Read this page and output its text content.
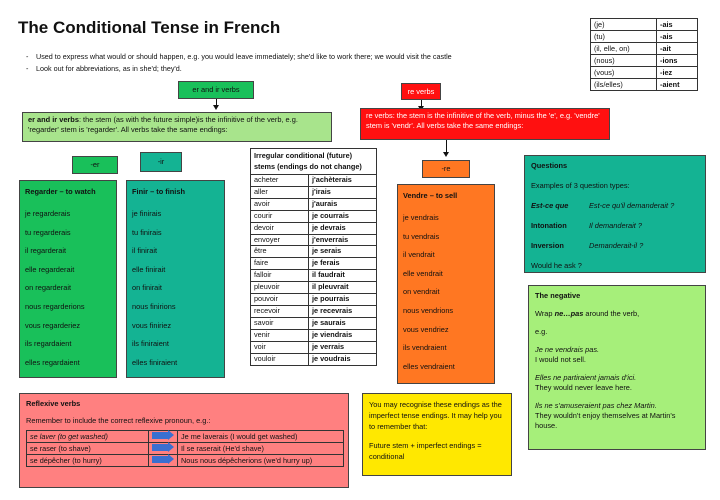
The Conditional Tense in French
- Used to express what would or should happen, e.g. you would leave immediately; she'd like to work there; we would visit the castle
- Look out for abbreviations, as in she'd; they'd.
(je)	-ais
(tu)	-ais
(il, elle, on)	-ait
(nous)	-ions
(vous)	-iez
(ils/elles)	-aient
er and ir verbs
er and ir verbs: the stem (as with the future simple)is the infinitive of the verb, e.g. 'regarder' stem is 'regarder'. All verbs take the same endings:
re verbs
re verbs: the stem is the infinitive of the verb, minus the 'e', e.g. 'vendre' stem is 'vendr'. All verbs take the same endings:
-er	-ir
-re
Regarder – to watch
je regarderais
tu regarderais
il regarderait
elle regarderait
on regarderait
nous regarderions
vous regarderiez
ils regardaient
elles regardaient
Finir – to finish
je finirais
tu finirais
il finirait
elle finirait
on finirait
nous finirions
vous finiriez
ils finiraient
elles finiraient
Irregular conditional (future) stems (endings do not change)
acheter	j'achèterais
aller	j'irais
avoir	j'aurais
courir	je courrais
devoir	je devrais
envoyer	j'enverrais
être	je serais
faire	je ferais
falloir	il faudrait
pleuvoir	il pleuvrait
pouvoir	je pourrais
recevoir	je recevrais
savoir	je saurais
venir	je viendrais
voir	je verrais
vouloir	je voudrais
Vendre – to sell
je vendrais
tu vendrais
il vendrait
elle vendrait
on vendrait
nous vendrions
vous vendriez
ils vendraient
elles vendraient
Questions
Examples of 3 question types:
Est-ce que	Est-ce qu'il demanderait ?
Intonation	Il demanderait ?
Inversion	Demanderait-il ?
Would he ask ?
The negative
Wrap ne…pas around the verb,
e.g.
Je ne vendrais pas.
I would not sell.
Elles ne partiraient jamais d'ici.
They would never leave here.
Ils ne s'amuseraient pas chez Martin.
They wouldn't enjoy themselves at Martin's house.
Reflexive verbs
Remember to include the correct reflexive pronoun, e.g.:
se laver (to get washed)		Je me laverais (I would get washed)
se raser (to shave)		Il se raserait (He'd shave)
se dépêcher (to hurry)		Nous nous dépêcherions (we'd hurry up)
You may recognise these endings as the imperfect tense endings. It may help you to remember that:
Future stem + imperfect endings = conditional
